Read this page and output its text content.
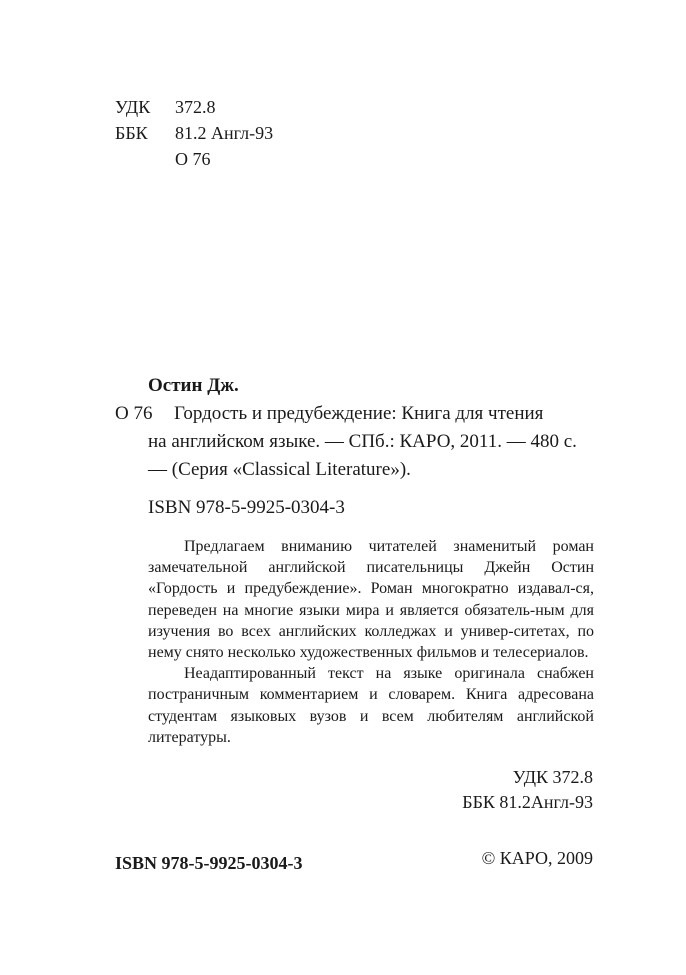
УДК	372.8
ББК	81.2 Англ-93
О 76
Остин Дж.
О 76 Гордость и предубеждение: Книга для чтения
на английском языке. — СПб.: КАРО, 2011. — 480 с. — (Серия «Classical Literature»).
ISBN 978-5-9925-0304-3

Предлагаем вниманию читателей знаменитый роман замечательной английской писательницы Джейн Остин «Гордость и предубеждение». Роман многократно издавал-ся, переведен на многие языки мира и является обязатель-ным для изучения во всех английских колледжах и универ-ситетах, по нему снято несколько художественных фильмов и телесериалов.

Неадаптированный текст на языке оригинала снабжен постраничным комментарием и словарем. Книга адресована студентам языковых вузов и всем любителям английской литературы.

УДК 372.8
ББК 81.2Англ-93
ISBN 978-5-9925-0304-3	© КАРО, 2009
